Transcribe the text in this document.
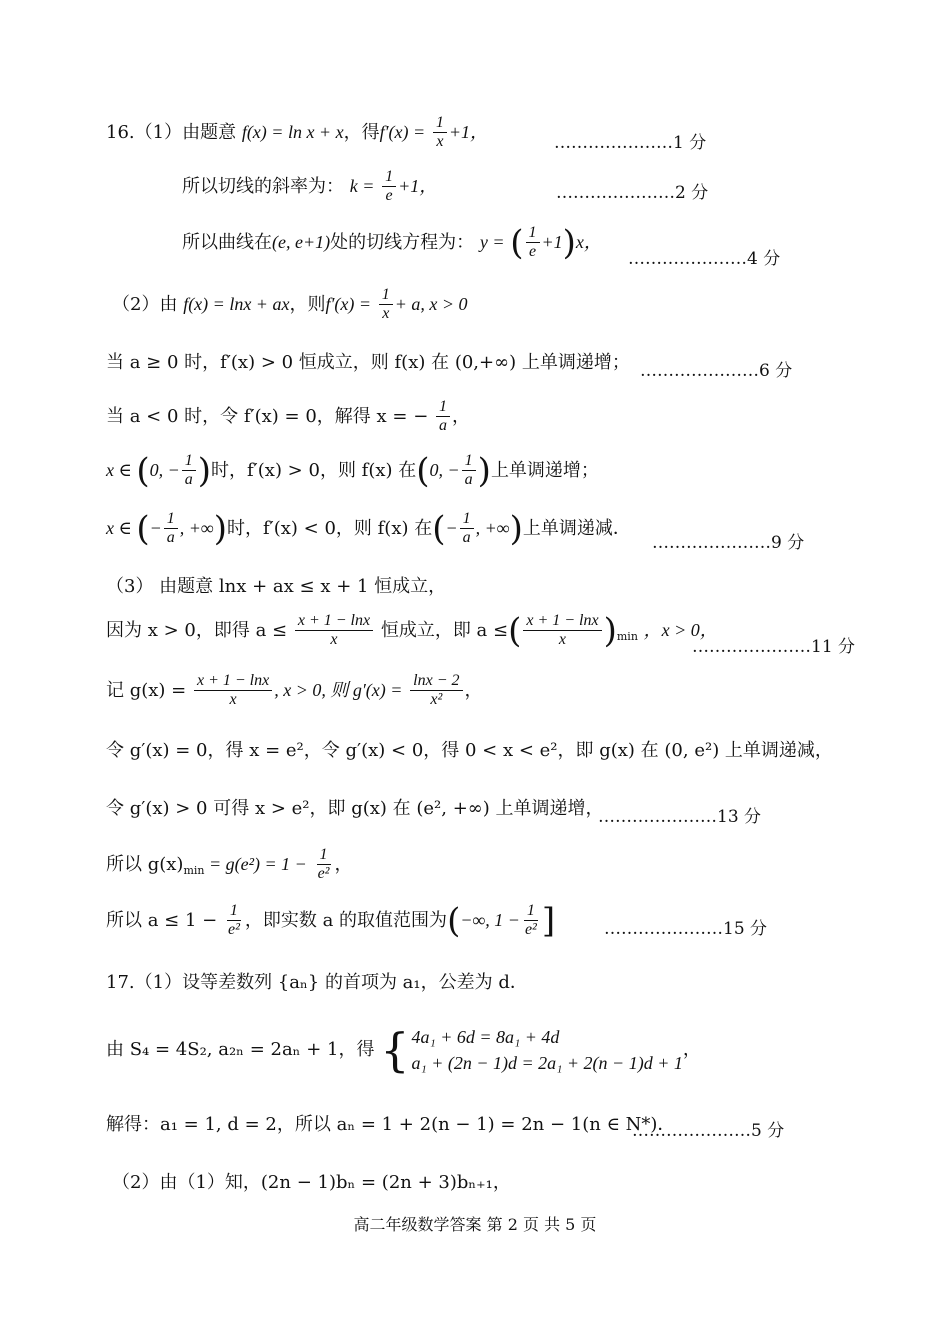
16.（1）由题意 f(x) = ln x + x，得$f'(x) = \frac{1}{x} +1$，
…………………1 分
所以切线的斜率为： $k = \frac{1}{e} +1$，	…………………2 分
所以曲线在(e, e+1)处的切线方程为： y = ( $\frac{1}{e} +1)x$，
…………………4 分
（2）由 f(x) = lnx + ax，则$f'(x) = \frac{1}{x} + a$, x > 0
当 a ≥ 0 时，f′(x) > 0 恒成立，则 f(x) 在 (0,+∞) 上单调递增； …………………6 分
当 a < 0 时，令 f′(x) = 0，解得 x = − $\frac{1}{a}$ ，
x ∈ (0, − $\frac{1}{a}$ )时，f′(x) > 0，则 f(x) 在(0, − $\frac{1}{a}$ )上单调递增；
x ∈ (− $\frac{1}{a}$ , +∞)时，f′(x) < 0，则 f(x) 在(− $\frac{1}{a}$ , +∞)上单调递减．
…………………9 分
（3） 由题意 lnx + ax ≤ x + 1 恒成立，
因为 x > 0，即得 $a \le \frac{x + 1 - \ln x}{x}$ 恒成立，即 a ≤( $\frac{x + 1 - \ln x}{x} )_{min}$ ，x > 0，
…………………11 分
记 $g(x) = \frac{x + 1 - \ln x}{x}$ , x > 0, 则 $g'(x) = \frac{\ln x - 2}{\text{x²}}$ ，
令 g′(x) = 0，得 x = e²，令 g′(x) < 0，得 0 < x < e²，即 g(x) 在 (0, e²) 上单调递减，
令 g′(x) > 0 可得 x > e²，即 g(x) 在 (e², +∞) 上单调递增，
…………………13 分
所以 $g(x)_{min} = g(e^2) = 1 - \frac{1}{\text{e²}}$ ，
所以 $a \le 1 - \frac{1}{\text{e²}}$ ，即实数 a 的取值范围为(−∞, $1 - \frac{1}{\text{e²}}$ ]	…………………15 分
17.（1）设等差数列 {aₙ} 的首项为 a₁，公差为 d．
由 S₄ = 4S₂, a₂ₙ = 2aₙ + 1，得 { 4a₁ + 6d = 8a₁ + 4d
a₁ + (2n − 1)d = 2a₁ + 2(n − 1)d + 1
，
解得：a₁ = 1, d = 2，所以 aₙ = 1 + 2(n − 1) = 2n − 1(n ∈ N*)．
…………………5 分
（2）由（1）知，(2n − 1)bₙ = (2n + 3)bₙ₊₁，
高二年级数学答案 第 2 页 共 5 页
